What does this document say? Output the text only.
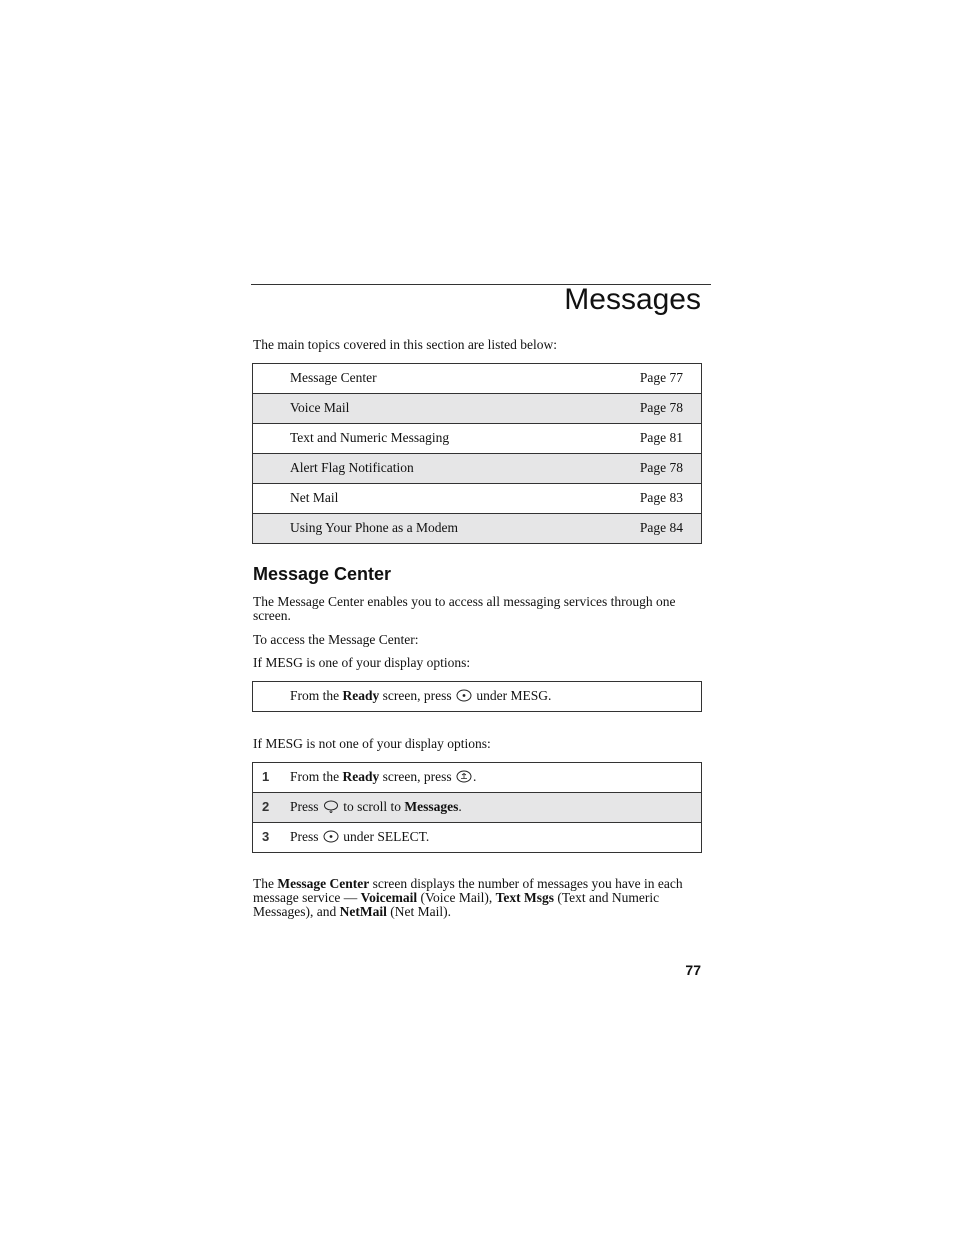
Messages
The main topics covered in this section are listed below:
Message Center	Page 77
Voice Mail	Page 78
Text and Numeric Messaging	Page 81
Alert Flag Notification	Page 78
Net Mail	Page 83
Using Your Phone as a Modem	Page 84
Message Center
The Message Center enables you to access all messaging services through one screen.
To access the Message Center:
If MESG is one of your display options:
From the Ready screen, press
under MESG.
If MESG is not one of your display options:
1 From the Ready screen, press
.
2 Press
to scroll to Messages.
3 Press
under SELECT.
The Message Center screen displays the number of messages you have in each message service — Voicemail (Voice Mail), Text Msgs (Text and Numeric Messages), and NetMail (Net Mail).
77
